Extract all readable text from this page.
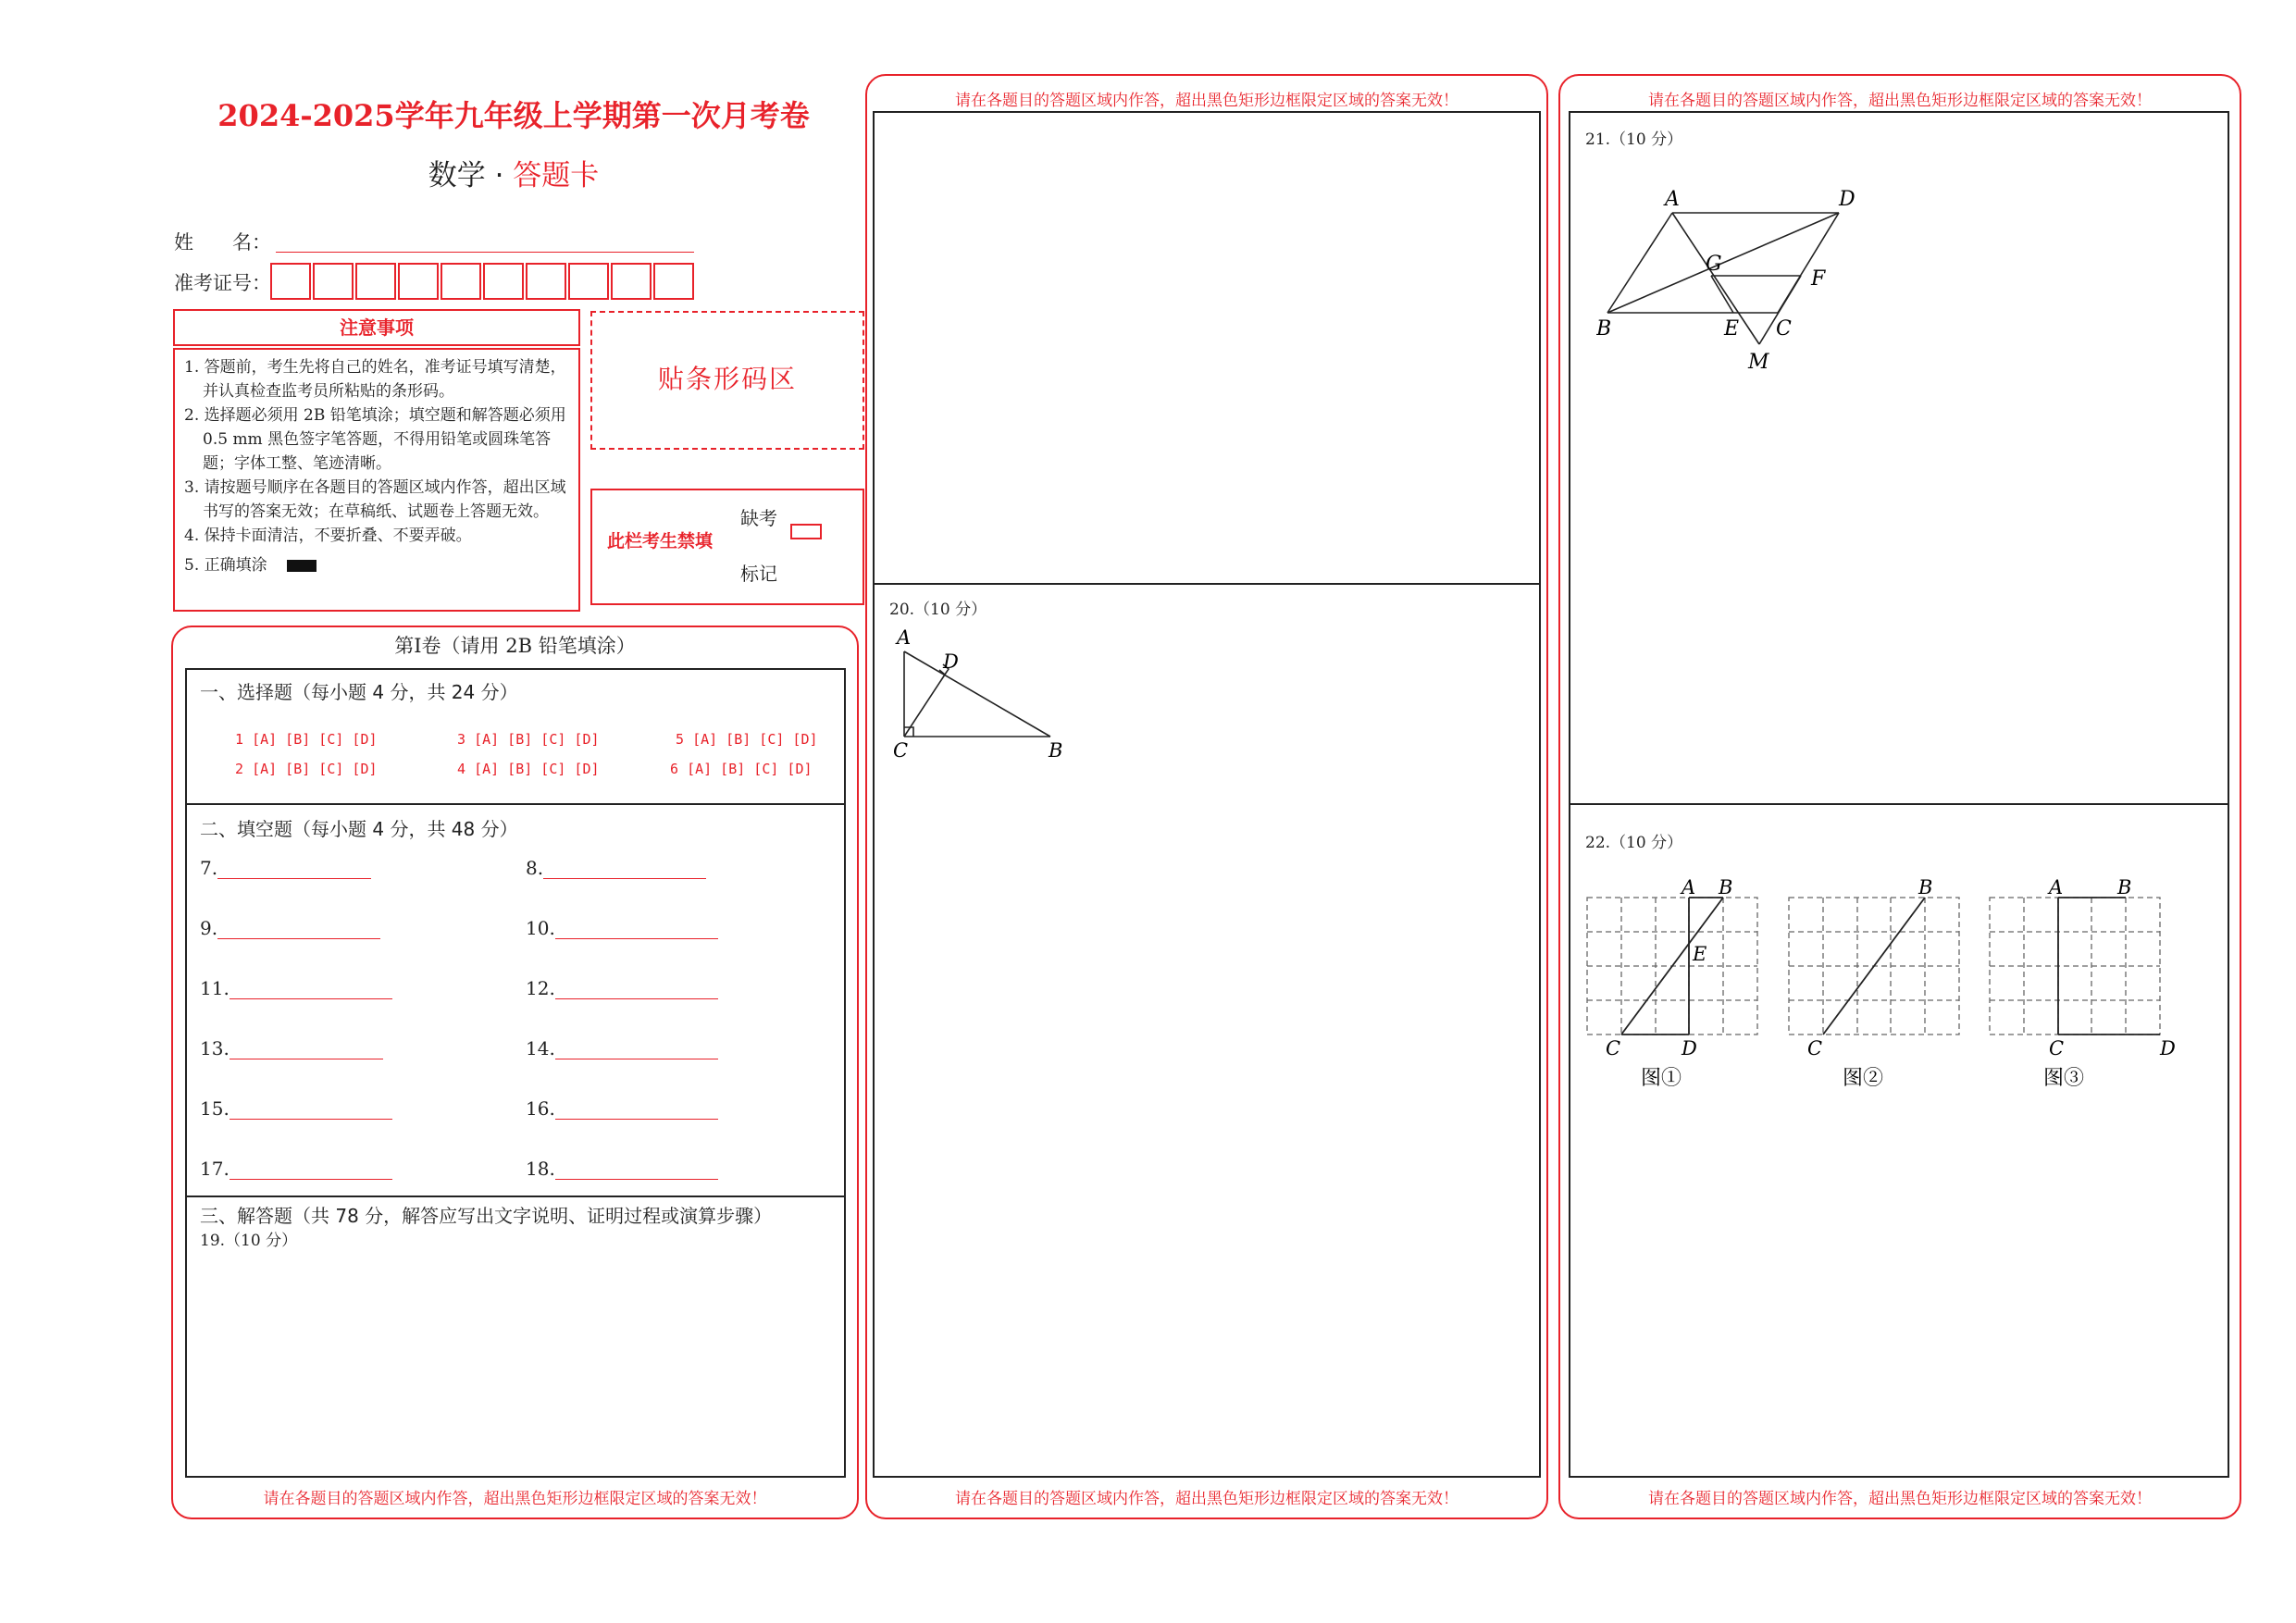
2024-2025学年九年级上学期第一次月考卷
数学 · 答题卡
姓　　名：
准考证号：
注意事项

1. 答题前，考生先将自己的姓名，准考证号填写清楚，并认真检查监考员所粘贴的条形码。

2. 选择题必须用 2B 铅笔填涂；填空题和解答题必须用 0.5 mm 黑色签字笔答题，不得用铅笔或圆珠笔答题；字体工整、笔迹清晰。

3. 请按题号顺序在各题目的答题区域内作答，超出区域书写的答案无效；在草稿纸、试题卷上答题无效。

4. 保持卡面清洁，不要折叠、不要弄破。

5. 正确填涂

贴条形码区
此栏考生禁填
缺考
标记
第Ⅰ卷（请用 2B 铅笔填涂）
请在各题目的答题区域内作答，超出黑色矩形边框限定区域的答案无效！
一、选择题（每小题 4 分，共 24 分）
1 [A] [B] [C] [D]
2 [A] [B] [C] [D]
3 [A] [B] [C] [D]
4 [A] [B] [C] [D]
5 [A] [B] [C] [D]
6 [A] [B] [C] [D]
二、填空题（每小题 4 分，共 48 分）
7.	8.
9.	10.
11.	12.
13.	14.
15.	16.
17.	18.
三、解答题（共 78 分，解答应写出文字说明、证明过程或演算步骤）
19.（10 分）
请在各题目的答题区域内作答，超出黑色矩形边框限定区域的答案无效！
请在各题目的答题区域内作答，超出黑色矩形边框限定区域的答案无效！
20.（10 分）
A
D
C	B
请在各题目的答题区域内作答，超出黑色矩形边框限定区域的答案无效！
请在各题目的答题区域内作答，超出黑色矩形边框限定区域的答案无效！
21.（10 分）
A	D
G
F
B	E C
M
22.（10 分）
A B
E
C	D
图①
B
C
图②
A	B
C	D
图③
